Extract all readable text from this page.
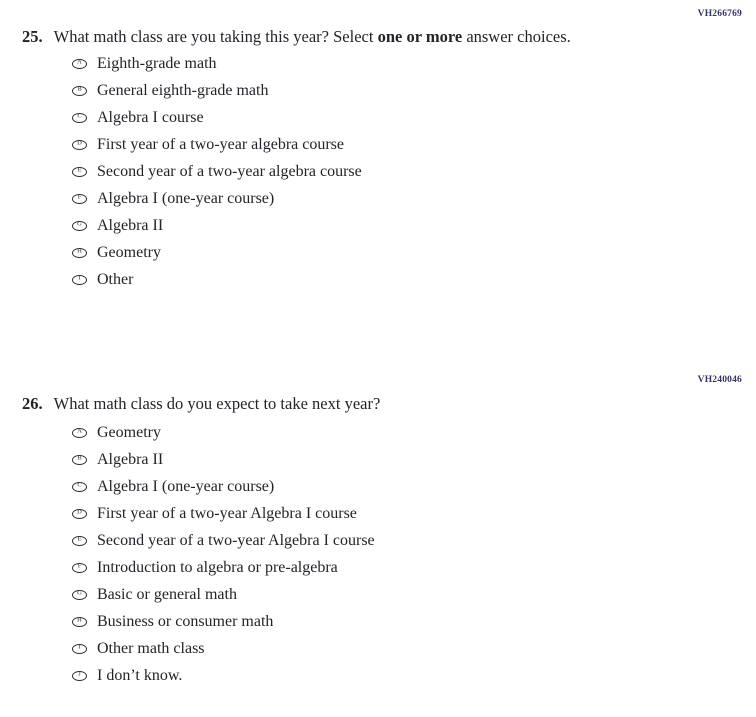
VH266769
25. What math class are you taking this year? Select one or more answer choices.
A Eighth-grade math
B General eighth-grade math
C Algebra I course
D First year of a two-year algebra course
E Second year of a two-year algebra course
F Algebra I (one-year course)
G Algebra II
H Geometry
I Other
VH240046
26. What math class do you expect to take next year?
A Geometry
B Algebra II
C Algebra I (one-year course)
D First year of a two-year Algebra I course
E Second year of a two-year Algebra I course
F Introduction to algebra or pre-algebra
G Basic or general math
H Business or consumer math
I Other math class
J I don’t know.
